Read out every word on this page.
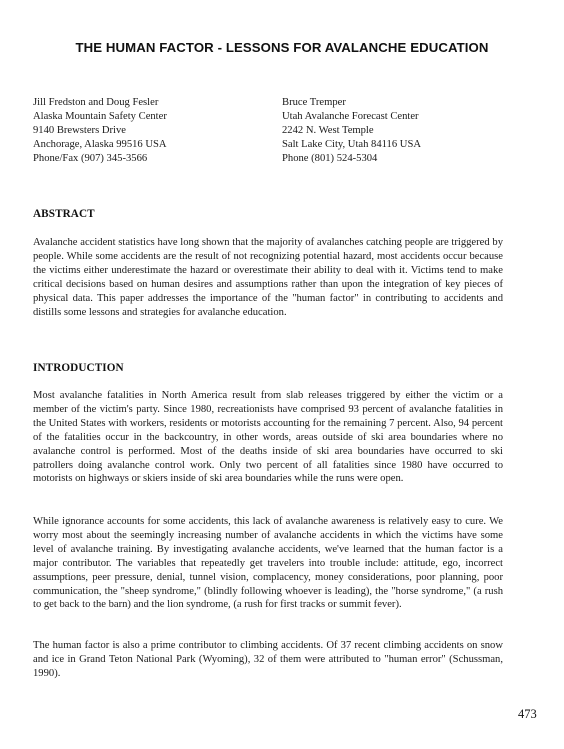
THE HUMAN FACTOR - LESSONS FOR AVALANCHE EDUCATION
Jill Fredston and Doug Fesler
Alaska Mountain Safety Center
9140 Brewsters Drive
Anchorage, Alaska 99516 USA
Phone/Fax (907) 345-3566
Bruce Tremper
Utah Avalanche Forecast Center
2242 N. West Temple
Salt Lake City, Utah 84116 USA
Phone (801) 524-5304
ABSTRACT
Avalanche accident statistics have long shown that the majority of avalanches catching people are triggered by people. While some accidents are the result of not recognizing potential hazard, most accidents occur because the victims either underestimate the hazard or overestimate their ability to deal with it. Victims tend to make critical decisions based on human desires and assumptions rather than upon the integration of key pieces of physical data. This paper addresses the importance of the "human factor" in contributing to accidents and distills some lessons and strategies for avalanche education.
INTRODUCTION
Most avalanche fatalities in North America result from slab releases triggered by either the victim or a member of the victim's party. Since 1980, recreationists have comprised 93 percent of avalanche fatalities in the United States with workers, residents or motorists accounting for the remaining 7 percent. Also, 94 percent of the fatalities occur in the backcountry, in other words, areas outside of ski area boundaries where no avalanche control is performed. Most of the deaths inside of ski area boundaries have occurred to ski patrollers doing avalanche control work. Only two percent of all fatalities since 1980 have occurred to motorists on highways or skiers inside of ski area boundaries while the runs were open.
While ignorance accounts for some accidents, this lack of avalanche awareness is relatively easy to cure. We worry most about the seemingly increasing number of avalanche accidents in which the victims have some level of avalanche training. By investigating avalanche accidents, we've learned that the human factor is a major contributor. The variables that repeatedly get travelers into trouble include: attitude, ego, incorrect assumptions, peer pressure, denial, tunnel vision, complacency, money considerations, poor planning, poor communication, the "sheep syndrome," (blindly following whoever is leading), the "horse syndrome," (a rush to get back to the barn) and the lion syndrome, (a rush for first tracks or summit fever).
The human factor is also a prime contributor to climbing accidents. Of 37 recent climbing accidents on snow and ice in Grand Teton National Park (Wyoming), 32 of them were attributed to "human error" (Schussman, 1990).
473
